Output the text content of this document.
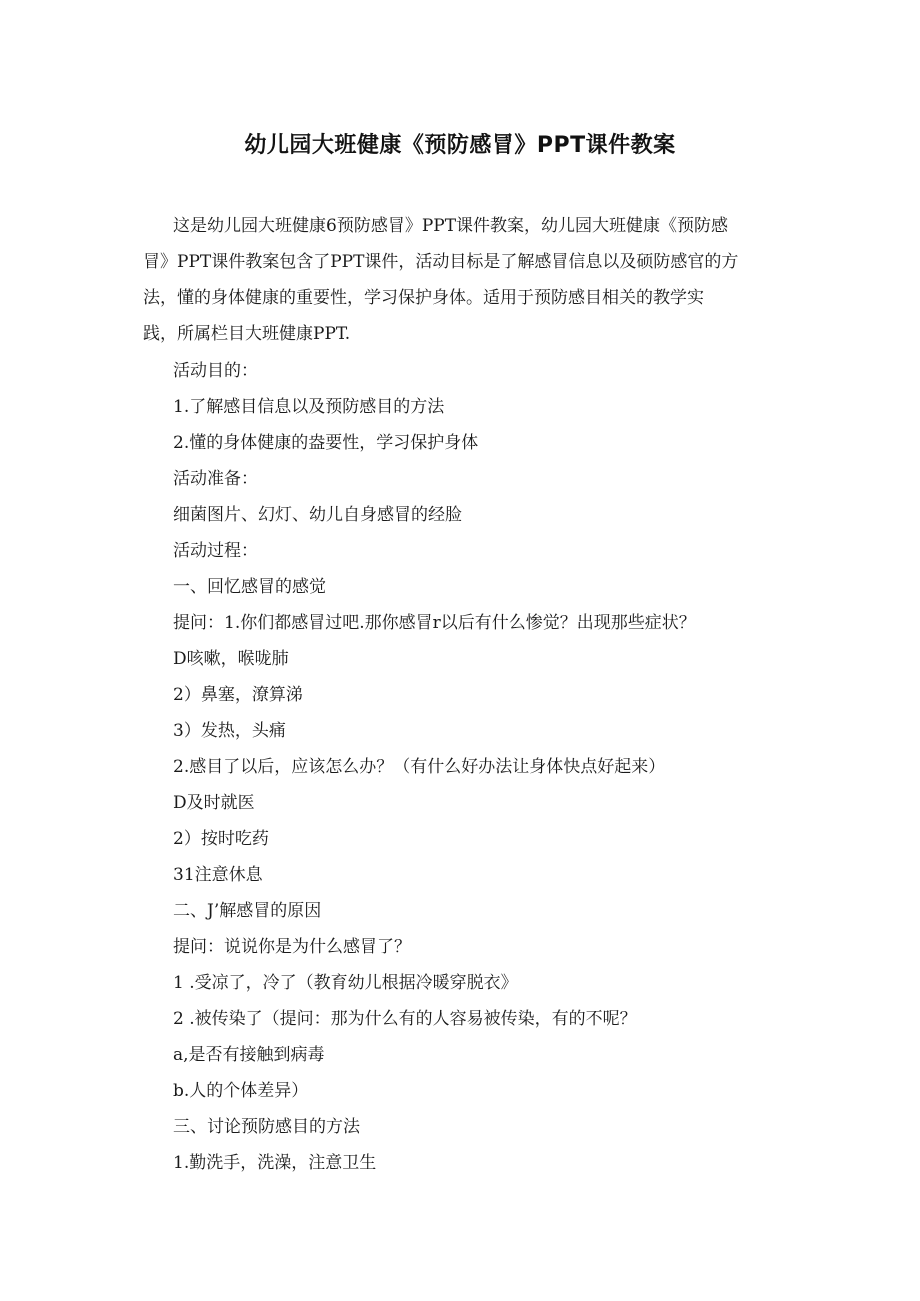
幼儿园大班健康《预防感冒》PPT课件教案
这是幼儿园大班健康6预防感冒》PPT课件教案，幼儿园大班健康《预防感
冒》PPT课件教案包含了PPT课件，活动目标是了解感冒信息以及硕防感官的方
法，懂的身体健康的重要性，学习保护身体。适用于预防感目相关的教学实
践，所属栏目大班健康PPT.
活动目的：
1.了解感目信息以及预防感目的方法
2.懂的身体健康的盎要性，学习保护身体
活动准备：
细菌图片、幻灯、幼儿自身感冒的经脸
活动过程：
一、回忆感冒的感觉
提问：1.你们都感冒过吧.那你感冒r以后有什么惨觉？出现那些症状？
D咳嗽，喉咙肺
2）鼻塞，潦算涕
3）发热，头痛
2.感目了以后，应该怎么办？（有什么好办法让身体快点好起来）
D及时就医
2）按时吃药
31注意休息
二、J’解感冒的原因
提问：说说你是为什么感冒了？
1 .受凉了，冷了（教育幼儿根据冷暖穿脱衣》
2 .被传染了（提问：那为什么有的人容易被传染，有的不呢？
a,是否有接触到病毒
b.人的个体差异）
三、讨论预防感目的方法
1.勤洗手，洗澡，注意卫生
